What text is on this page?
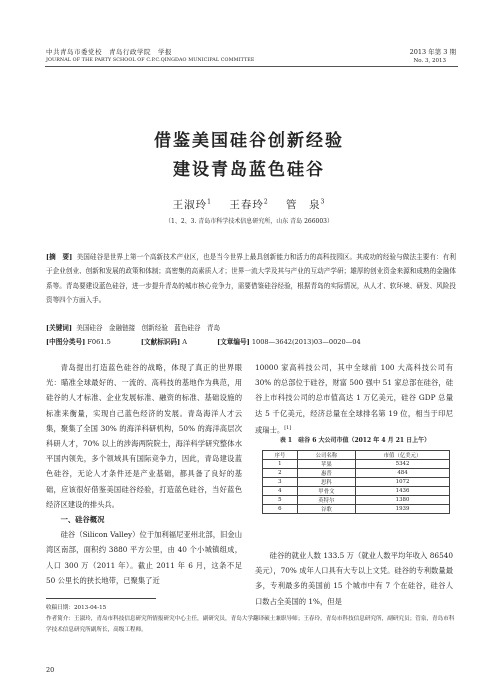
中共青岛市委党校　青岛行政学院　学报
JOURNAL OF THE PARTY SCHOOL OF C.P.C.QINGDAO MUNICIPAL COMMITTEE
2013 年第 3 期
No. 3, 2013
借鉴美国硅谷创新经验
建设青岛蓝色硅谷
王淑玲$^1$ 王春玲$^2$ 管　泉$^3$
（1、2、3. 青岛市科学技术信息研究所，山东 青岛 266003）
[摘　要] 美国硅谷是世界上第一个高新技术产业区，也是当今世界上最具创新能力和活力的高科技园区。其成功的经验与做法主要有：有利于企业创业、创新和发展的政策和体制；高密集的高素质人才；世界一流大学及其与产业的互动产学研；雄厚的创业资金来源和成熟的金融体系等。青岛要建设蓝色硅谷，进一步提升青岛的城市核心竞争力，需要借鉴硅谷经验，根据青岛的实际情况，从人才、软环境、研发、风险投资等四个方面入手。
[关键词] 美国硅谷 金融链接 创新经验 蓝色硅谷 青岛
[中图分类号] F061.5	[文献标识码] A	[文章编号] 1008—3642(2013)03—0020—04

青岛提出打造蓝色硅谷的战略，体现了真正的世界眼光：瞄准全球最好的、一流的、高科技的基地作为典范，用硅谷的人才标准、企业发展标准、融资的标准、基础设施的标准来衡量，实现自己蓝色经济的发展。青岛海洋人才云集，聚集了全国 30% 的海洋科研机构，50% 的海洋高层次科研人才，70% 以上的涉海两院院士，海洋科学研究整体水平国内领先，多个领域具有国际竞争力，因此，青岛建设蓝色硅谷，无论人才条件还是产业基础，都具备了良好的基础，应该很好借鉴美国硅谷经验，打造蓝色硅谷，当好蓝色经济区建设的排头兵。

一、硅谷概况

硅谷（Silicon Valley）位于加利福尼亚州北部，旧金山湾区南部，面积约 3880 平方公里，由 40 个小城镇组成，人口 300 万（2011 年）。截止 2011 年 6 月，这条不足 50 公里长的狭长地带，已聚集了近

10000 家高科技公司，其中全球前 100 大高科技公司有 30% 的总部位于硅谷，财富 500 强中 51 家总部在硅谷，硅谷上市科技公司的总市值高达 1 万亿美元，硅谷 GDP 总量达 5 千亿美元，经济总量在全球排名第 19 位，相当于印尼或瑞士。[1]

表 1　硅谷 6 大公司市值（2012 年 4 月 21 日上午）
序号	公司名称	市值（亿美元）
1	苹果	5342
2	惠普	484
3	思科	1072
4	甲骨文	1436
5	英特尔	1380
6	谷歌	1939

硅谷的就业人数 133.5 万（就业人数平均年收入 86540 美元），70% 成年人口具有大专以上文凭。硅谷的专利数量最多，专利最多的美国前 15 个城市中有 7 个在硅谷，硅谷人口数占全美国的 1%，但是

收稿日期：2013-04-15

作者简介：王淑玲，青岛市科技信息研究所情报研究中心主任，副研究员，青岛大学翻译硕士兼职导师；王春玲，青岛市科技信息研究所，副研究员；管泉，青岛市科学技术信息研究所副所长，高级工程师。

20
